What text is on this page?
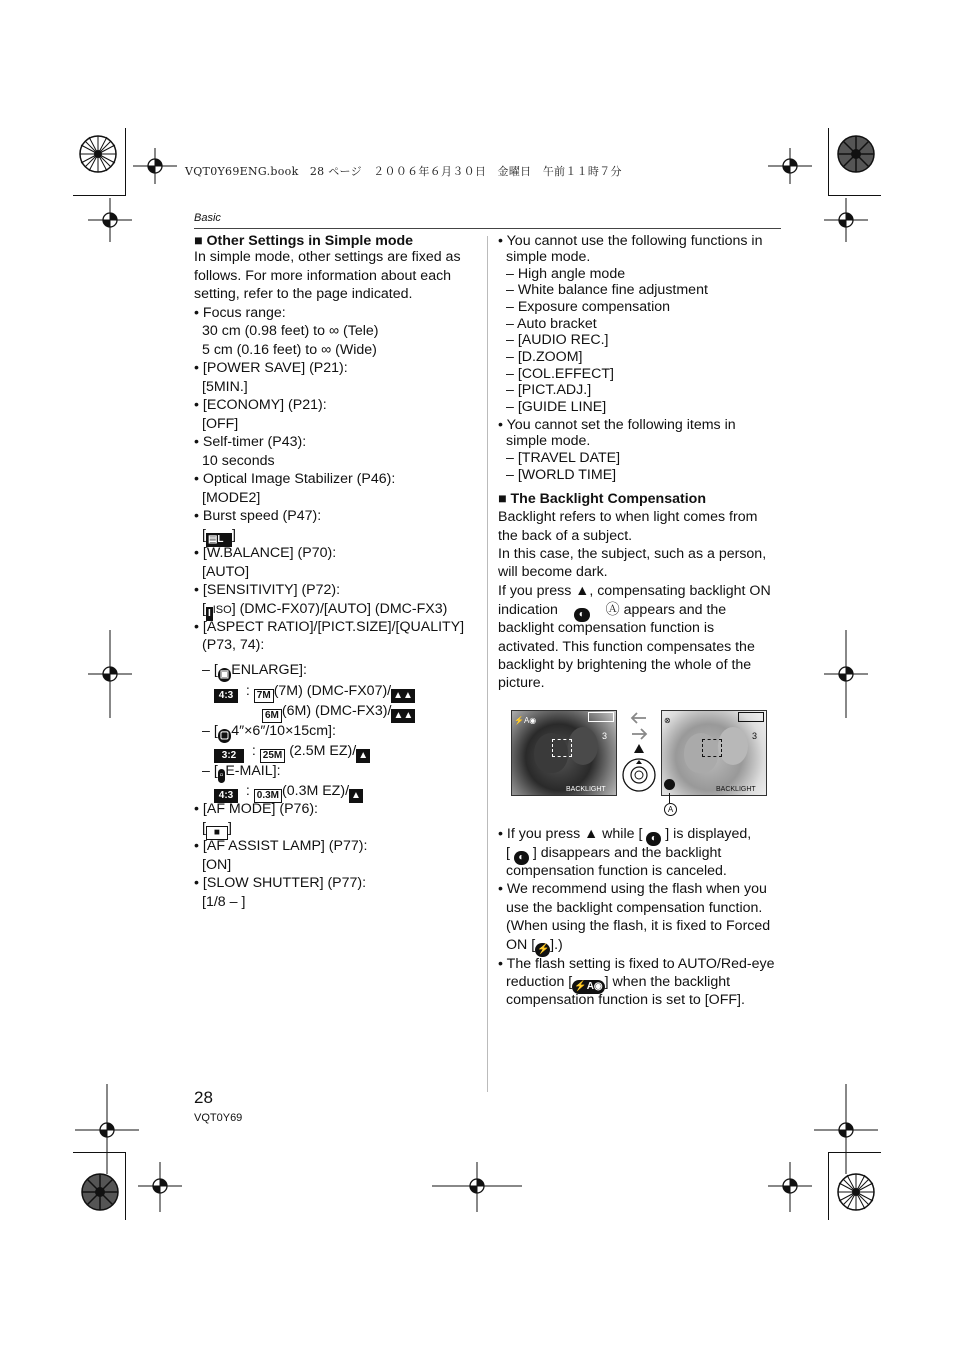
VQT0Y69ENG.book　28 ページ　２００６年６月３０日　金曜日　午前１１時７分
Basic
■ Other Settings in Simple mode
In simple mode, other settings are fixed as
follows. For more information about each
setting, refer to the page indicated.
• Focus range:
30 cm (0.98 feet) to ∞ (Tele)
5 cm (0.16 feet) to ∞ (Wide)
• [POWER SAVE] (P21):
[5MIN.]
• [ECONOMY] (P21):
[OFF]
• Self-timer (P43):
10 seconds
• Optical Image Stabilizer (P46):
[MODE2]
• Burst speed (P47):
[ ▤L ]
• [W.BALANCE] (P70):
[AUTO]
• [SENSITIVITY] (P72):
[ I ISO] (DMC-FX07)/[AUTO] (DMC-FX3)
• [ASPECT RATIO]/[PICT.SIZE]/[QUALITY]
(P73, 74):
– [ ▣ ENLARGE]:
4:3  : 7M (7M) (DMC-FX07)/ ▲▲
6M (6M) (DMC-FX3)/ ▲▲
– [ ▢ 4″×6″/10×15cm]:
3:2  : 25M (2.5M EZ)/ ▲
– [ ▫ E-MAIL]:
4:3  : 0.3M (0.3M EZ)/ ▲
• [AF MODE] (P76):
[ ■ ]
• [AF ASSIST LAMP] (P77):
[ON]
• [SLOW SHUTTER] (P77):
[1/8 – ]
• You cannot use the following functions in
simple mode.
– High angle mode
– White balance fine adjustment
– Exposure compensation
– Auto bracket
– [AUDIO REC.]
– [D.ZOOM]
– [COL.EFFECT]
– [PICT.ADJ.]
– [GUIDE LINE]
• You cannot set the following items in
simple mode.
– [TRAVEL DATE]
– [WORLD TIME]
■ The Backlight Compensation
Backlight refers to when light comes from
the back of a subject.
In this case, the subject, such as a person,
will become dark.
If you press ▲, compensating backlight ON
indication ◐ Ⓐ appears and the
backlight compensation function is
activated. This function compensates the
backlight by brightening the whole of the
picture.
⚡A◉
3
BACKLIGHT
⊗
3
BACKLIGHT
A
• If you press ▲ while [ ◐ ] is displayed,
[ ◐ ] disappears and the backlight
compensation function is canceled.
• We recommend using the flash when you
use the backlight compensation function.
(When using the flash, it is fixed to Forced
ON [ ⚡].)
• The flash setting is fixed to AUTO/Red-eye
reduction [ ⚡A◉ ] when the backlight
compensation function is set to [OFF].
28
VQT0Y69
